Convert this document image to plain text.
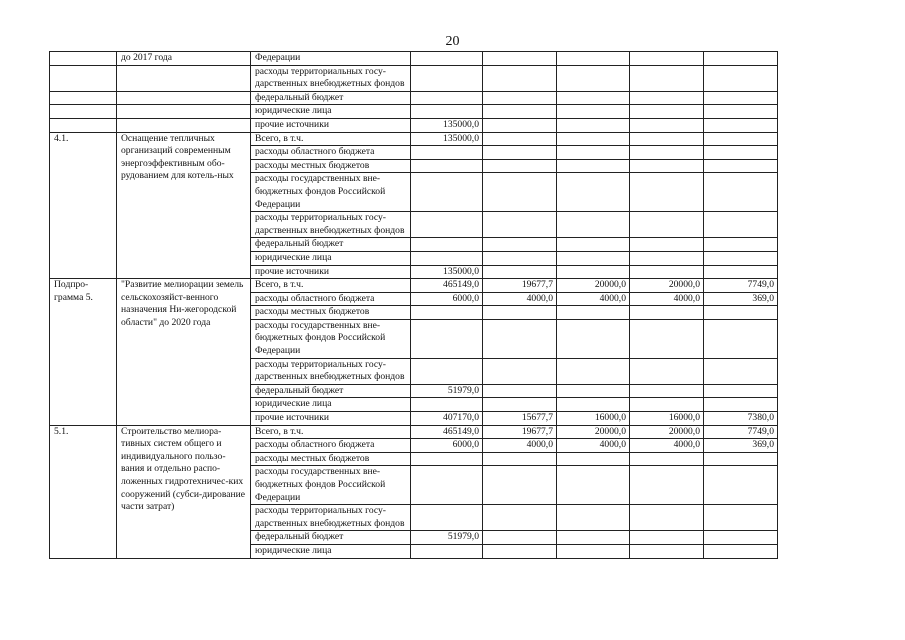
20
	до 2017 года	Федерации					
		расходы территориальных госу-дарственных внебюджетных фондов					
		федеральный бюджет					
		юридические лица					
		прочие источники	135000,0				
4.1.	Оснащение тепличных организаций современным энергоэффективным обо-рудованием для котель-ных	Всего, в т.ч.	135000,0				
		расходы областного бюджета					
		расходы местных бюджетов					
		расходы государственных вне-бюджетных фондов Российской Федерации					
		расходы территориальных госу-дарственных внебюджетных фондов					
		федеральный бюджет					
		юридические лица					
		прочие источники	135000,0				
Подпро-грамма 5.	"Развитие мелиорации земель сельскохозяйст-венного назначения Ни-жегородской области" до 2020 года	Всего, в т.ч.	465149,0	19677,7	20000,0	20000,0	7749,0
		расходы областного бюджета	6000,0	4000,0	4000,0	4000,0	369,0
		расходы местных бюджетов					
		расходы государственных вне-бюджетных фондов Российской Федерации					
		расходы территориальных госу-дарственных внебюджетных фондов					
		федеральный бюджет	51979,0				
		юридические лица					
		прочие источники	407170,0	15677,7	16000,0	16000,0	7380,0
5.1.	Строительство мелиора-тивных систем общего и индивидуального пользо-вания и отдельно распо-ложенных гидротехничес-ких сооружений (субси-дирование части затрат)	Всего, в т.ч.	465149,0	19677,7	20000,0	20000,0	7749,0
		расходы областного бюджета	6000,0	4000,0	4000,0	4000,0	369,0
		расходы местных бюджетов					
		расходы государственных вне-бюджетных фондов Российской Федерации					
		расходы территориальных госу-дарственных внебюджетных фондов					
		федеральный бюджет	51979,0				
		юридические лица					
